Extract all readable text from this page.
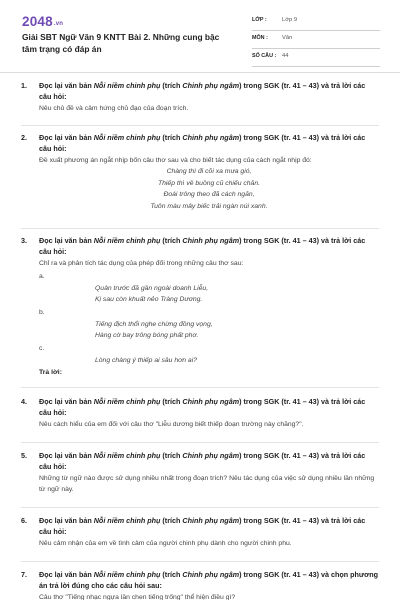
2048.vn
Giải SBT Ngữ Văn 9 KNTT Bài 2. Những cung bậc tâm trạng có đáp án
LỚP :	Lớp 9
MÔN : Văn
SỐ CÂU : 44
1. Đọc lại văn bản Nỗi niềm chinh phụ (trích Chinh phụ ngâm) trong SGK (tr. 41 – 43) và trả lời các câu hỏi:
Nêu chủ đề và cảm hứng chủ đạo của đoạn trích.
2. Đọc lại văn bản Nỗi niềm chinh phụ (trích Chinh phụ ngâm) trong SGK (tr. 41 – 43) và trả lời các câu hỏi:
Đề xuất phương án ngắt nhịp bốn câu thơ sau và cho biết tác dụng của cách ngắt nhịp đó:
Chàng thì đi cõi xa mưa gió,
Thiếp thì về buồng cũ chiếu chăn.
Đoái trông theo đã cách ngăn,
Tuôn màu mây biếc trải ngàn núi xanh.
3. Đọc lại văn bản Nỗi niềm chinh phụ (trích Chinh phụ ngâm) trong SGK (tr. 41 – 43) và trả lời các câu hỏi:
Chỉ ra và phân tích tác dụng của phép đối trong những câu thơ sau:
a.
Quân trước đã gần ngoài doanh Liễu,
Kị sau còn khuất nẻo Tràng Dương.
b.
Tiếng địch thổi nghe chừng đồng vọng,
Hàng cờ bay trông bóng phất phơ.
c.
Lòng chàng ý thiếp ai sầu hơn ai?
Trả lời:
4. Đọc lại văn bản Nỗi niềm chinh phụ (trích Chinh phụ ngâm) trong SGK (tr. 41 – 43) và trả lời các câu hỏi:
Nêu cách hiểu của em đối với câu thơ "Liễu dương biết thiếp đoạn trường này chăng?".
5. Đọc lại văn bản Nỗi niềm chinh phụ (trích Chinh phụ ngâm) trong SGK (tr. 41 – 43) và trả lời các câu hỏi:
Những từ ngữ nào được sử dụng nhiều nhất trong đoạn trích? Nêu tác dụng của việc sử dụng nhiều lần những từ ngữ này.
6. Đọc lại văn bản Nỗi niềm chinh phụ (trích Chinh phụ ngâm) trong SGK (tr. 41 – 43) và trả lời các câu hỏi:
Nêu cảm nhận của em về tình cảm của người chinh phụ dành cho người chinh phu.
7. Đọc lại văn bản Nỗi niềm chinh phụ (trích Chinh phụ ngâm) trong SGK (tr. 41 – 43) và chọn phương án trả lời đúng cho các câu hỏi sau:
Câu thơ "Tiếng nhạc ngựa lần chen tiếng trống" thể hiện điều gì?
